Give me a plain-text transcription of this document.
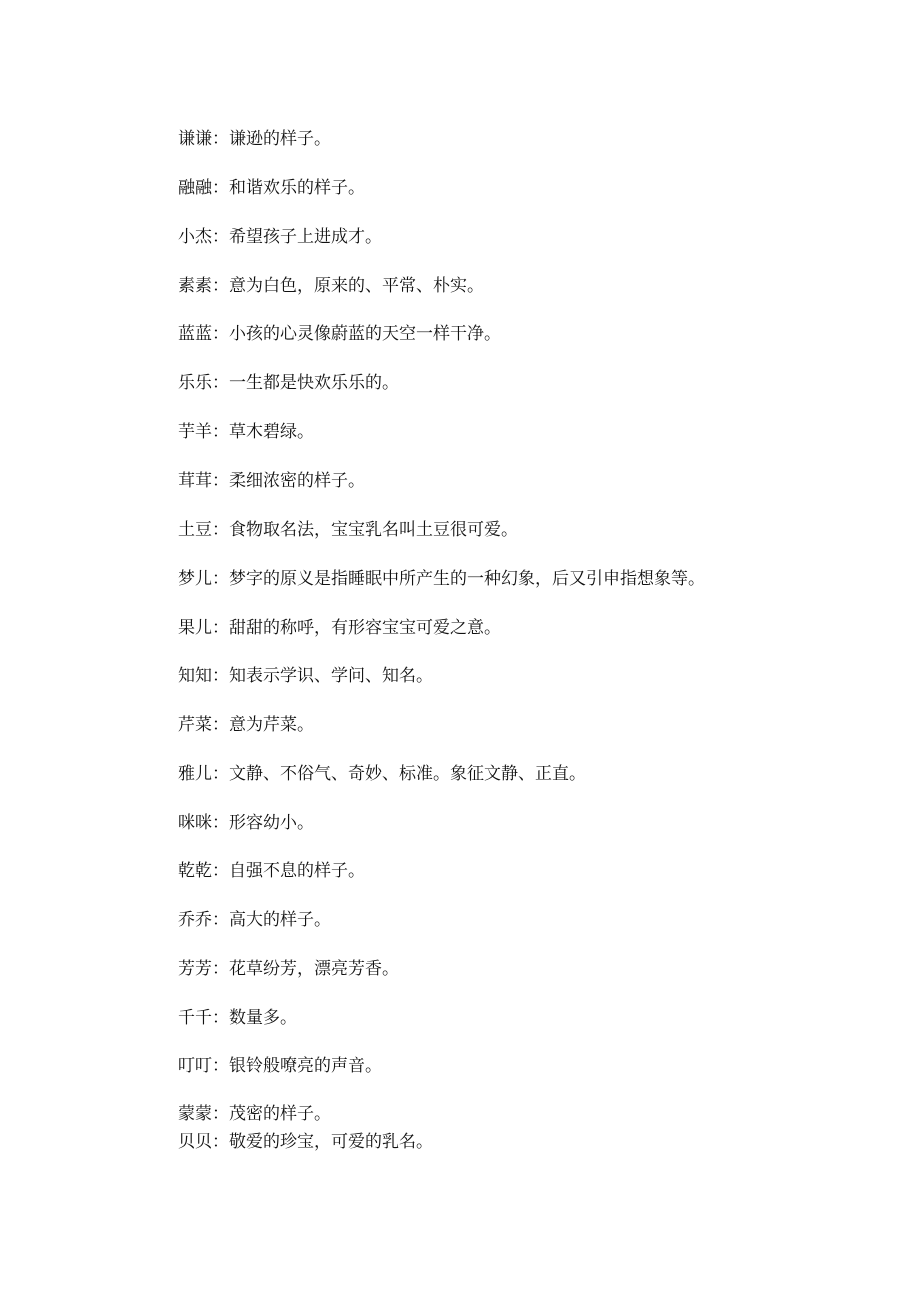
谦谦：谦逊的样子。

融融：和谐欢乐的样子。

小杰：希望孩子上进成才。

素素：意为白色，原来的、平常、朴实。

蓝蓝：小孩的心灵像蔚蓝的天空一样干净。

乐乐：一生都是快欢乐乐的。

芋羊：草木碧绿。

茸茸：柔细浓密的样子。

土豆：食物取名法，宝宝乳名叫土豆很可爱。

梦儿：梦字的原义是指睡眠中所产生的一种幻象，后又引申指想象等。

果儿：甜甜的称呼，有形容宝宝可爱之意。

知知：知表示学识、学问、知名。

芹菜：意为芹菜。

雅儿：文静、不俗气、奇妙、标准。象征文静、正直。

咪咪：形容幼小。

乾乾：自强不息的样子。

乔乔：高大的样子。

芳芳：花草纷芳，漂亮芳香。

千千：数量多。

叮叮：银铃般嘹亮的声音。

蒙蒙：茂密的样子。

贝贝：敬爱的珍宝，可爱的乳名。
